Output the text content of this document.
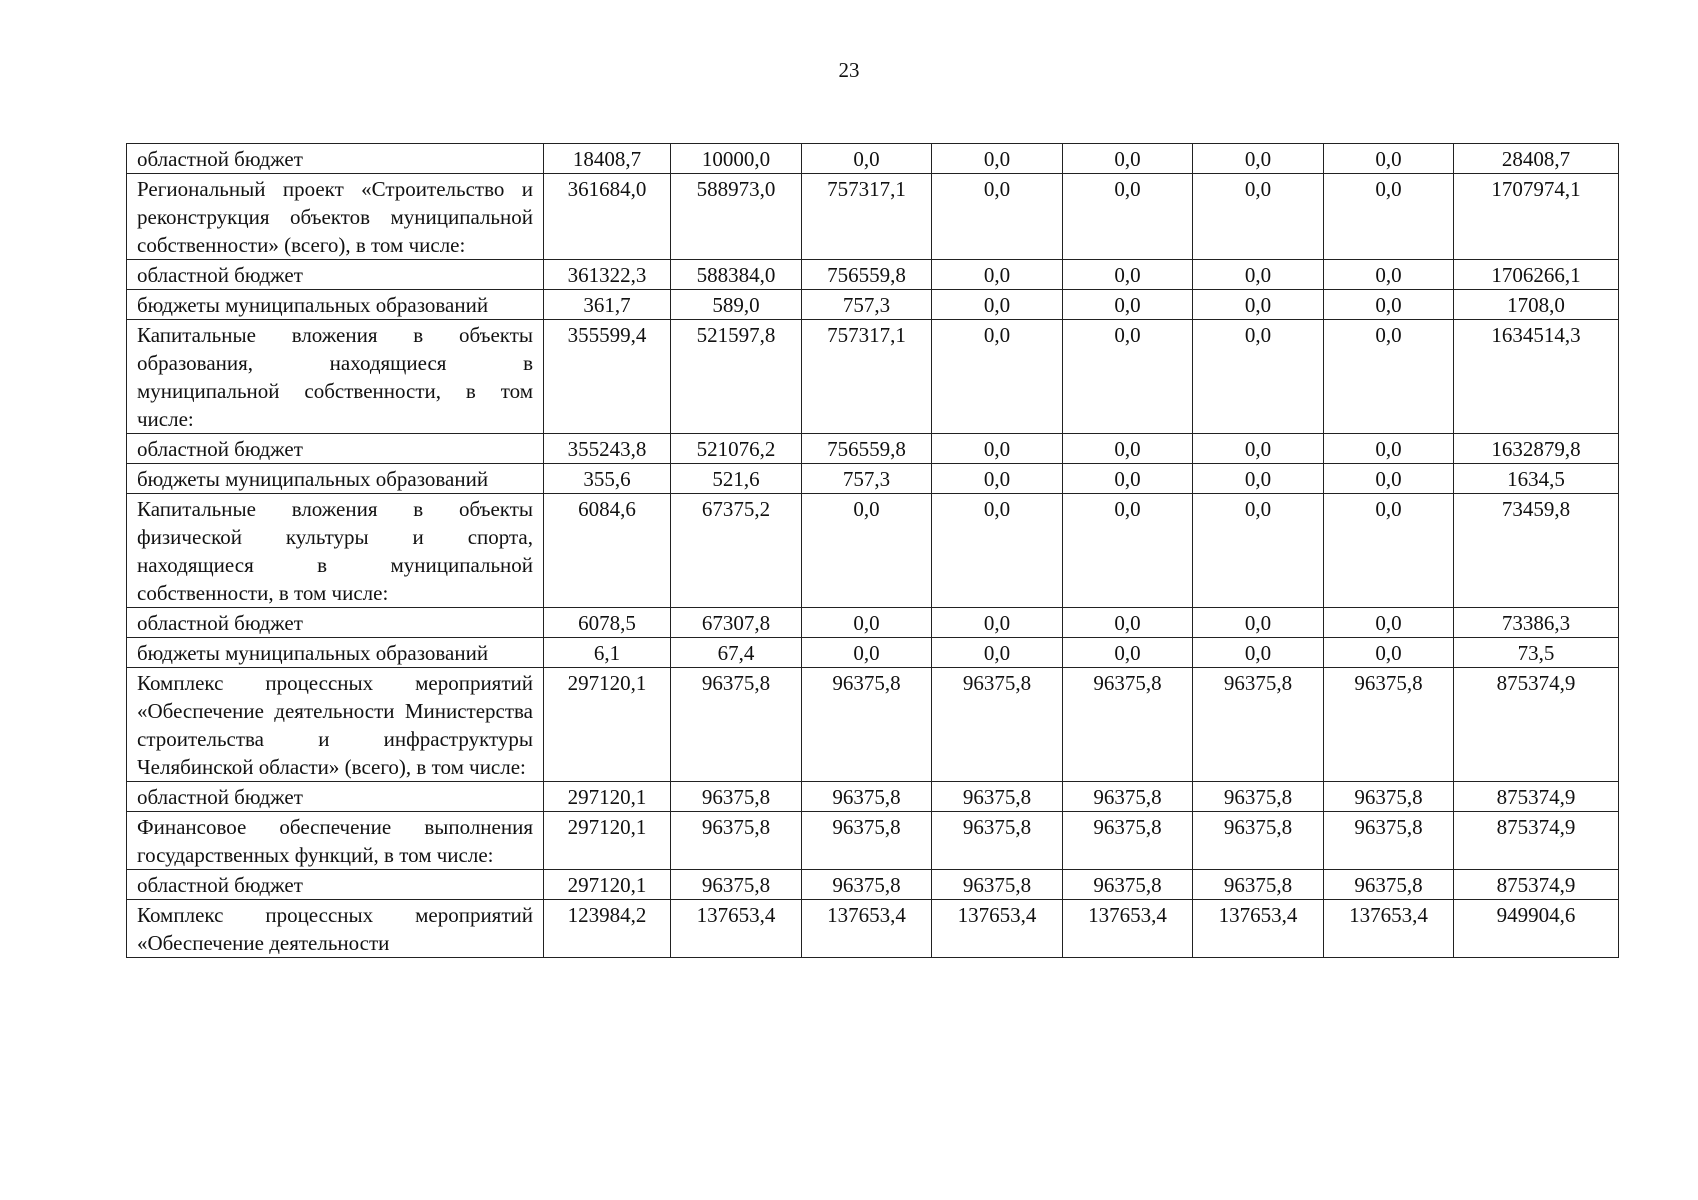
23
областной бюджет	18408,7	10000,0	0,0	0,0	0,0	0,0	0,0	28408,7
Региональный проект «Строительство и реконструкция объектов муниципальной собственности» (всего), в том числе:	361684,0	588973,0	757317,1	0,0	0,0	0,0	0,0	1707974,1
областной бюджет	361322,3	588384,0	756559,8	0,0	0,0	0,0	0,0	1706266,1
бюджеты муниципальных образований	361,7	589,0	757,3	0,0	0,0	0,0	0,0	1708,0
Капитальные вложения в объекты образования, находящиеся в муниципальной собственности, в том числе:	355599,4	521597,8	757317,1	0,0	0,0	0,0	0,0	1634514,3
областной бюджет	355243,8	521076,2	756559,8	0,0	0,0	0,0	0,0	1632879,8
бюджеты муниципальных образований	355,6	521,6	757,3	0,0	0,0	0,0	0,0	1634,5
Капитальные вложения в объекты физической культуры и спорта, находящиеся в муниципальной собственности, в том числе:	6084,6	67375,2	0,0	0,0	0,0	0,0	0,0	73459,8
областной бюджет	6078,5	67307,8	0,0	0,0	0,0	0,0	0,0	73386,3
бюджеты муниципальных образований	6,1	67,4	0,0	0,0	0,0	0,0	0,0	73,5
Комплекс процессных мероприятий «Обеспечение деятельности Министерства строительства и инфраструктуры Челябинской области» (всего), в том числе:	297120,1	96375,8	96375,8	96375,8	96375,8	96375,8	96375,8	875374,9
областной бюджет	297120,1	96375,8	96375,8	96375,8	96375,8	96375,8	96375,8	875374,9
Финансовое обеспечение выполнения государственных функций, в том числе:	297120,1	96375,8	96375,8	96375,8	96375,8	96375,8	96375,8	875374,9
областной бюджет	297120,1	96375,8	96375,8	96375,8	96375,8	96375,8	96375,8	875374,9
Комплекс процессных мероприятий «Обеспечение деятельности	123984,2	137653,4	137653,4	137653,4	137653,4	137653,4	137653,4	949904,6
